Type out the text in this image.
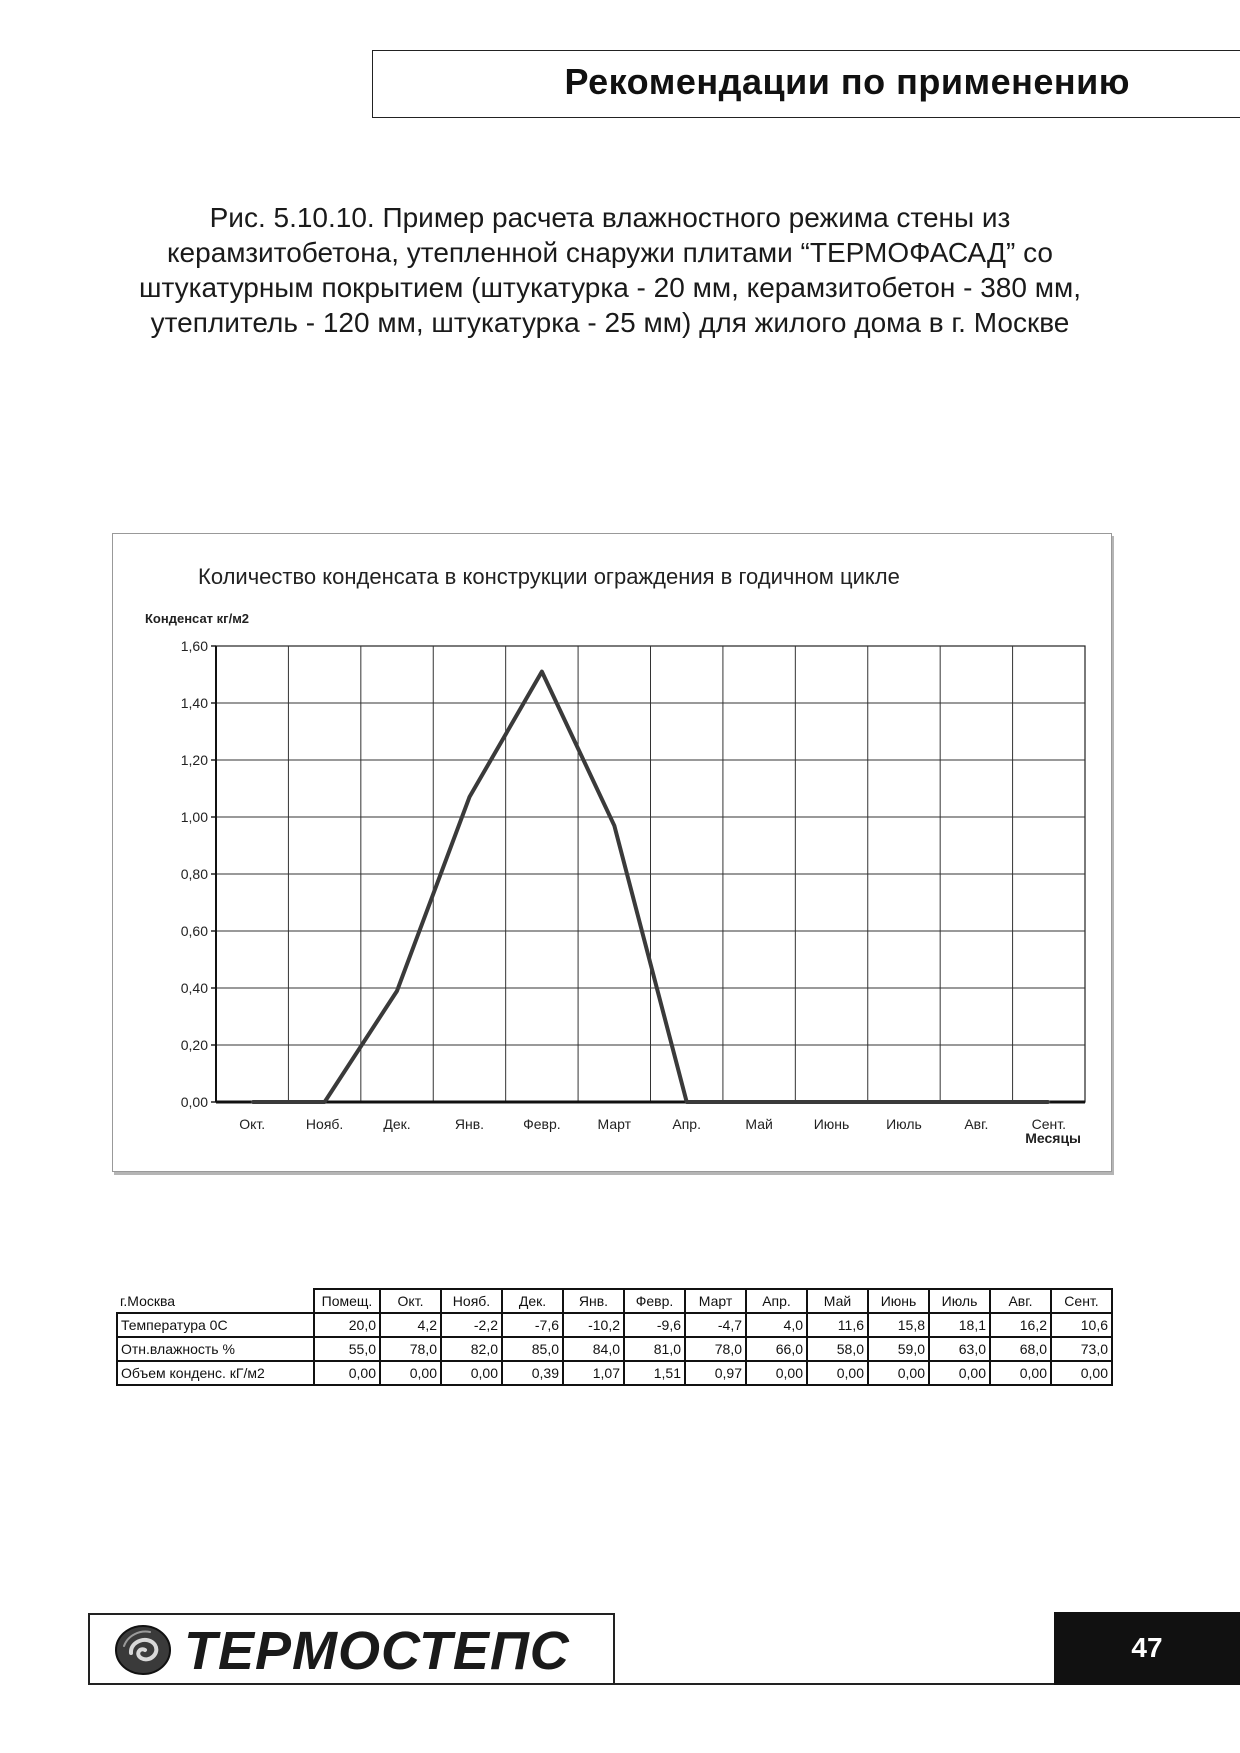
Рекомендации по применению
Рис. 5.10.10. Пример расчета влажностного режима стены из
керамзитобетона, утепленной снаружи плитами “ТЕРМОФАСАД” со
штукатурным покрытием (штукатурка - 20 мм, керамзитобетон - 380 мм,
утеплитель - 120 мм, штукатурка - 25 мм) для жилого дома в г. Москве
0,00
0,20
0,40
0,60
0,80
1,00
1,20
1,40
1,60
Окт.	Нояб.	Дек.	Янв.	Февр.	Март	Апр.	Май	Июнь	Июль	Авг.	Сент.
Количество конденсата в конструкции ограждения в годичном цикле
Конденсат кг/м2
Месяцы
г.Москва	Помещ.	Окт.	Нояб.	Дек.	Янв.	Февр.	Март	Апр.	Май	Июнь	Июль	Авг.	Сент.
Температура 0С	20,0	4,2	-2,2	-7,6	-10,2	-9,6	-4,7	4,0	11,6	15,8	18,1	16,2	10,6
Отн.влажность %	55,0	78,0	82,0	85,0	84,0	81,0	78,0	66,0	58,0	59,0	63,0	68,0	73,0
Объем конденс. кГ/м2	0,00	0,00	0,00	0,39	1,07	1,51	0,97	0,00	0,00	0,00	0,00	0,00	0,00
ТЕРМОСТЕПС	47
